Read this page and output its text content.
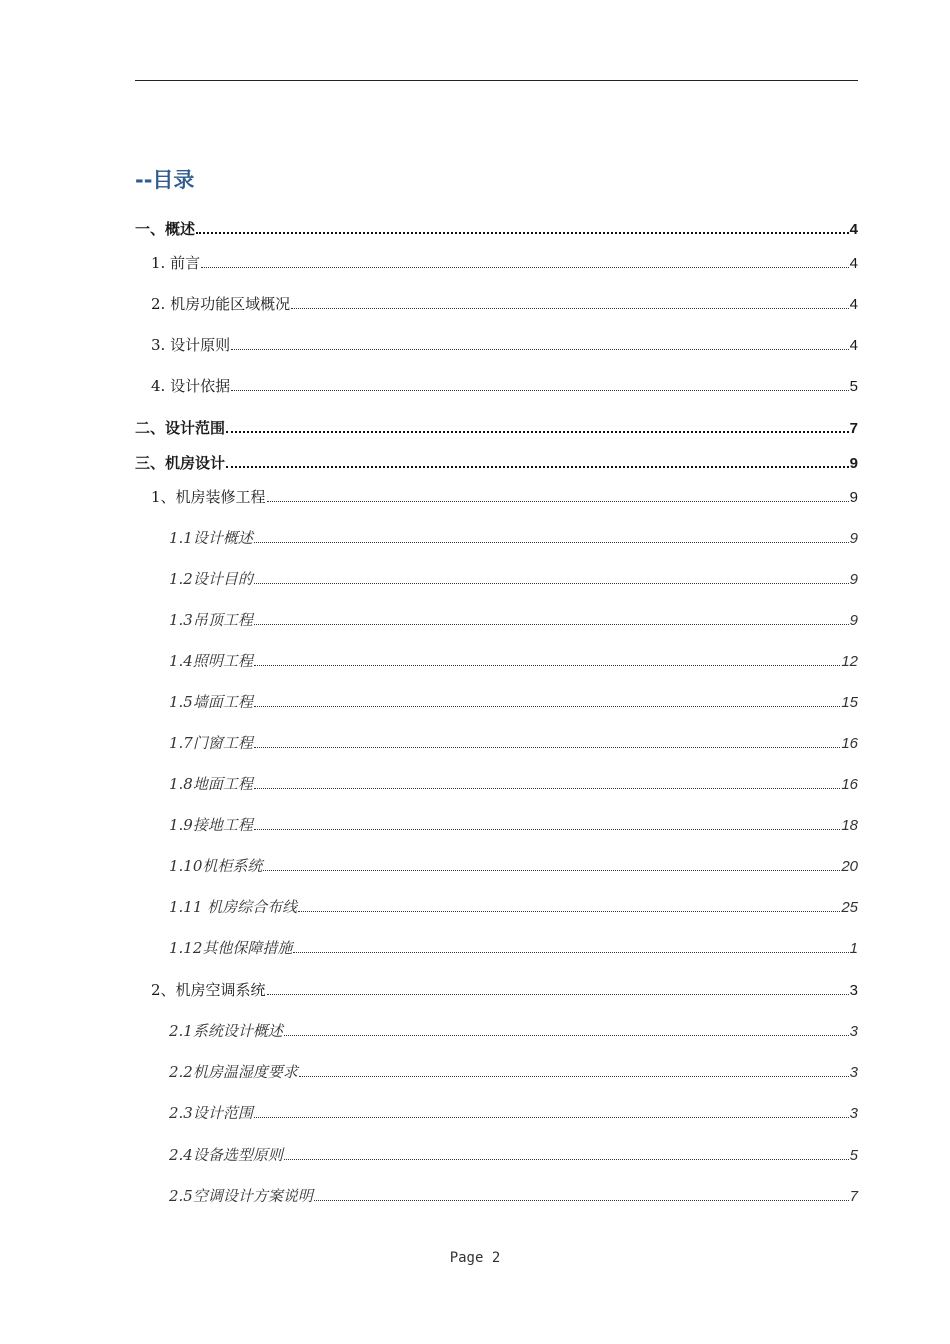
--目录
一、概述	4
1. 前言	4
2. 机房功能区域概况	4
3. 设计原则	4
4. 设计依据	5
二、设计范围	7
三、机房设计	9
1、机房装修工程	9
1.1设计概述	9
1.2设计目的	9
1.3吊顶工程	9
1.4照明工程	12
1.5墙面工程	15
1.7门窗工程	16
1.8地面工程	16
1.9接地工程	18
1.10机柜系统	20
1.11 机房综合布线	25
1.12其他保障措施	1
2、机房空调系统	3
2.1系统设计概述	3
2.2机房温湿度要求	3
2.3设计范围	3
2.4设备选型原则	5
2.5空调设计方案说明	7
Page 2
